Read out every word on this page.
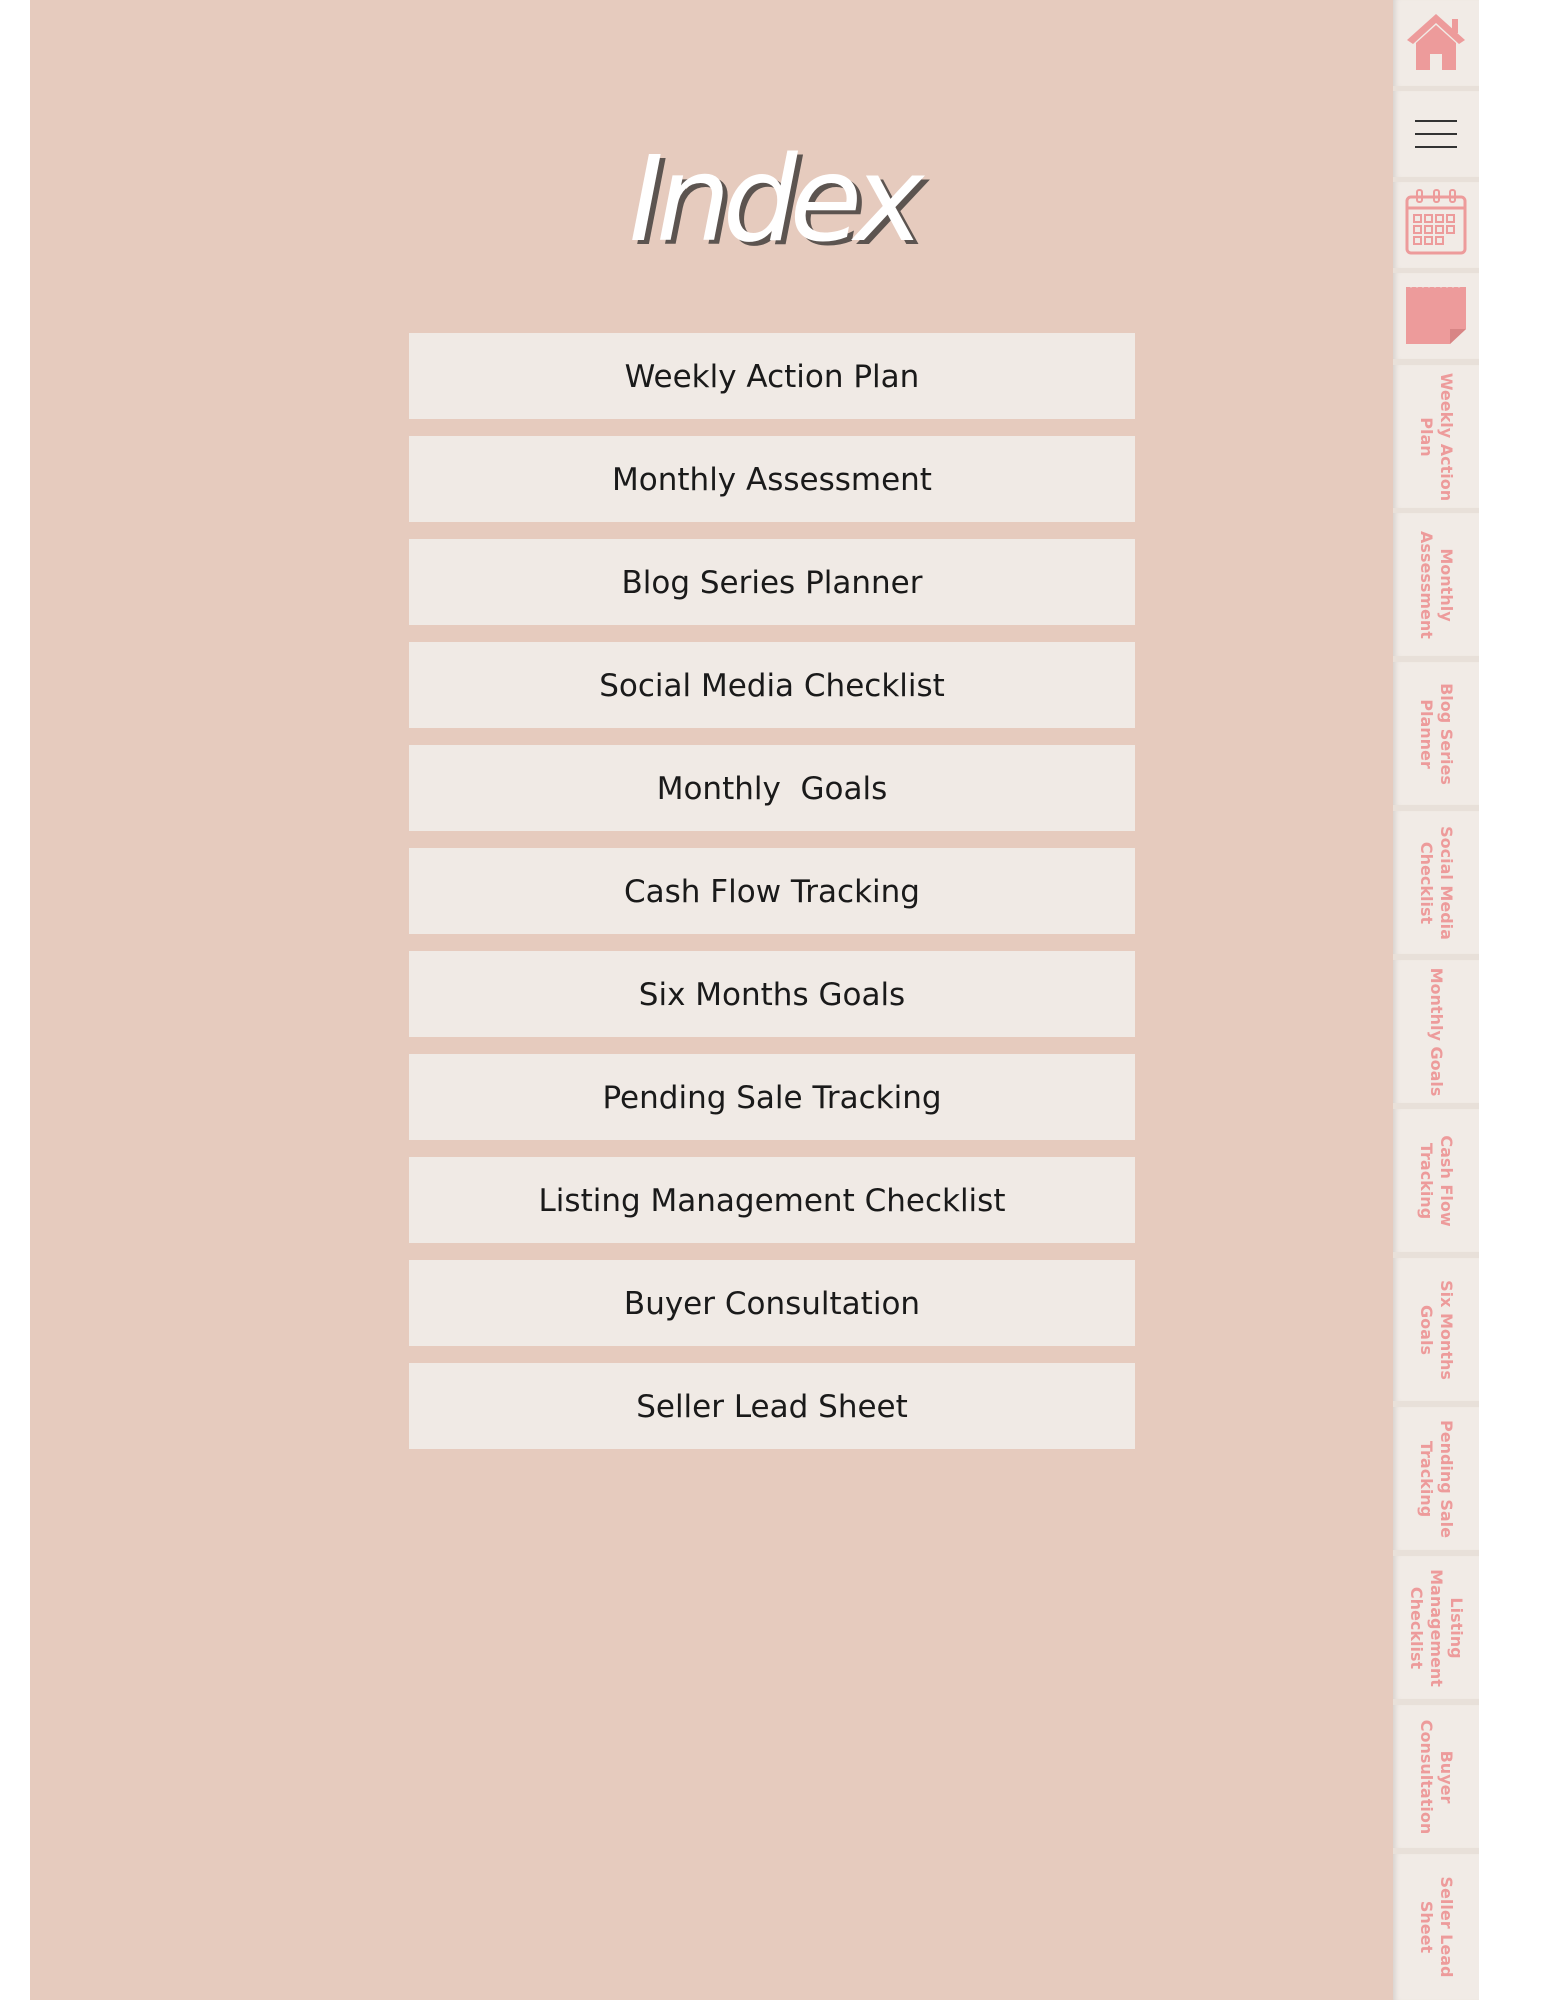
Index
Weekly Action Plan
Monthly Assessment
Blog Series Planner
Social Media Checklist
Monthly  Goals
Cash Flow Tracking
Six Months Goals
Pending Sale Tracking
Listing Management Checklist
Buyer Consultation
Seller Lead Sheet
Weekly Action Plan
Monthly Assessment
Blog Series Planner
Social Media Checklist
Monthly Goals
Cash Flow Tracking
Six Months Goals
Pending Sale Tracking
Listing Management Checklist
Buyer Consultation
Seller Lead Sheet
